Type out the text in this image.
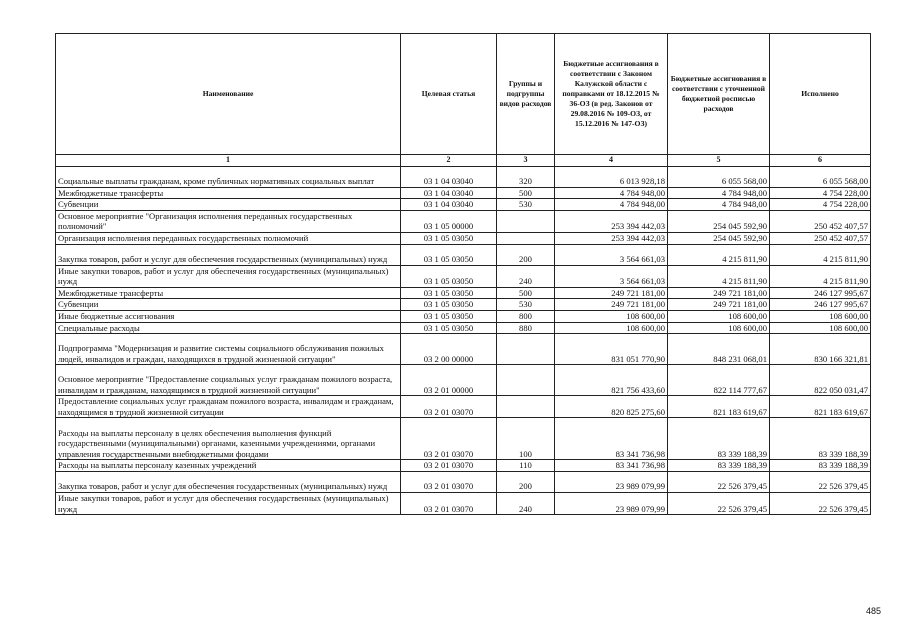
Наименование	Целевая статья	Группы и подгруппы видов расходов	Бюджетные ассигнования в соответствии с Законом Калужской области с поправками от 18.12.2015 № 36-ОЗ (в ред. Законов от 29.08.2016 № 109-ОЗ, от 15.12.2016 № 147-ОЗ)	Бюджетные ассигнования в соответствии с уточненной бюджетной росписью расходов	Исполнено
1	2	3	4	5	6
Социальные выплаты гражданам, кроме публичных нормативных социальных выплат	03 1 04 03040	320	6 013 928,18	6 055 568,00	6 055 568,00
Межбюджетные трансферты	03 1 04 03040	500	4 784 948,00	4 784 948,00	4 754 228,00
Субвенции	03 1 04 03040	530	4 784 948,00	4 784 948,00	4 754 228,00
Основное мероприятие "Организация исполнения переданных государственных полномочий"	03 1 05 00000		253 394 442,03	254 045 592,90	250 452 407,57
Организация исполнения переданных государственных полномочий	03 1 05 03050		253 394 442,03	254 045 592,90	250 452 407,57
Закупка товаров, работ и услуг для обеспечения государственных (муниципальных) нужд	03 1 05 03050	200	3 564 661,03	4 215 811,90	4 215 811,90
Иные закупки товаров, работ и услуг для обеспечения государственных (муниципальных) нужд	03 1 05 03050	240	3 564 661,03	4 215 811,90	4 215 811,90
Межбюджетные трансферты	03 1 05 03050	500	249 721 181,00	249 721 181,00	246 127 995,67
Субвенции	03 1 05 03050	530	249 721 181,00	249 721 181,00	246 127 995,67
Иные бюджетные ассигнования	03 1 05 03050	800	108 600,00	108 600,00	108 600,00
Специальные расходы	03 1 05 03050	880	108 600,00	108 600,00	108 600,00
Подпрограмма "Модернизация и развитие системы социального обслуживания пожилых людей, инвалидов и граждан, находящихся в трудной жизненной ситуации"	03 2 00 00000		831 051 770,90	848 231 068,01	830 166 321,81
Основное мероприятие "Предоставление социальных услуг гражданам пожилого возраста, инвалидам и гражданам, находящимся в трудной жизненной ситуации"	03 2 01 00000		821 756 433,60	822 114 777,67	822 050 031,47
Предоставление социальных услуг гражданам пожилого возраста, инвалидам и гражданам, находящимся в трудной жизненной ситуации	03 2 01 03070		820 825 275,60	821 183 619,67	821 183 619,67
Расходы на выплаты персоналу в целях обеспечения выполнения функций государственными (муниципальными) органами, казенными учреждениями, органами управления государственными внебюджетными фондами	03 2 01 03070	100	83 341 736,98	83 339 188,39	83 339 188,39
Расходы на выплаты персоналу казенных учреждений	03 2 01 03070	110	83 341 736,98	83 339 188,39	83 339 188,39
Закупка товаров, работ и услуг для обеспечения государственных (муниципальных) нужд	03 2 01 03070	200	23 989 079,99	22 526 379,45	22 526 379,45
Иные закупки товаров, работ и услуг для обеспечения государственных (муниципальных) нужд	03 2 01 03070	240	23 989 079,99	22 526 379,45	22 526 379,45
485
